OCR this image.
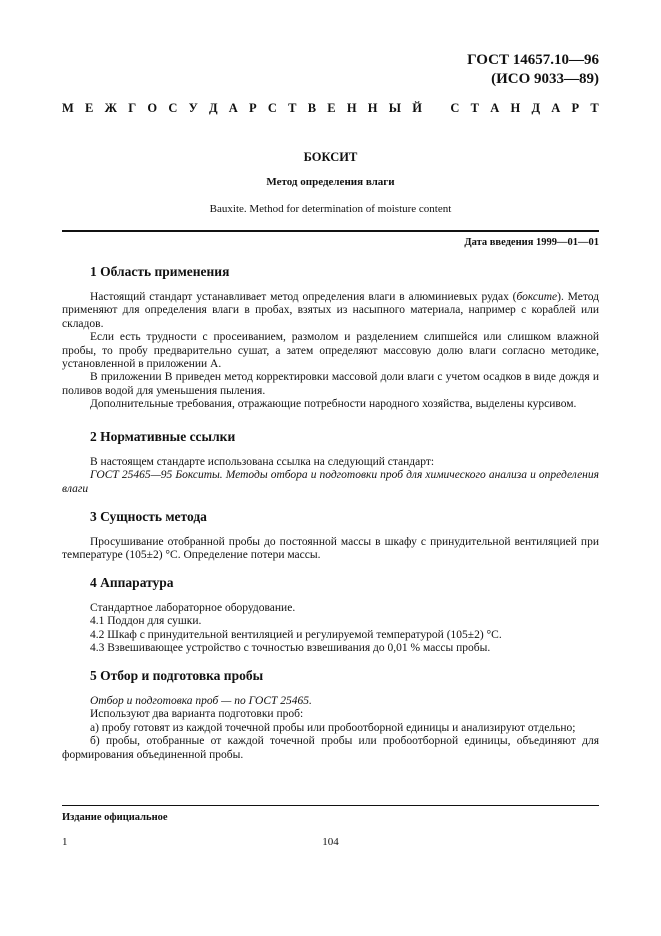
ГОСТ 14657.10—96
(ИСО 9033—89)
М Е Ж Г О С У Д А Р С Т В Е Н Н Ы Й С Т А Н Д А Р Т
БОКСИТ
Метод определения влаги
Bauxite. Method for determination of moisture content
Дата введения 1999—01—01
1 Область применения
Настоящий стандарт устанавливает метод определения влаги в алюминиевых рудах (боксите). Метод применяют для определения влаги в пробах, взятых из насыпного материала, например с кораблей или складов.
Если есть трудности с просеиванием, размолом и разделением слипшейся или слишком влажной пробы, то пробу предварительно сушат, а затем определяют массовую долю влаги согласно методике, установленной в приложении А.
В приложении В приведен метод корректировки массовой доли влаги с учетом осадков в виде дождя и поливов водой для уменьшения пыления.
Дополнительные требования, отражающие потребности народного хозяйства, выделены курсивом.
2 Нормативные ссылки
В настоящем стандарте использована ссылка на следующий стандарт:
ГОСТ 25465—95 Бокситы. Методы отбора и подготовки проб для химического анализа и определения влаги
3 Сущность метода
Просушивание отобранной пробы до постоянной массы в шкафу с принудительной вентиляцией при температуре (105±2) °С. Определение потери массы.
4 Аппаратура
Стандартное лабораторное оборудование.
4.1 Поддон для сушки.
4.2 Шкаф с принудительной вентиляцией и регулируемой температурой (105±2) °С.
4.3 Взвешивающее устройство с точностью взвешивания до 0,01 % массы пробы.
5 Отбор и подготовка пробы
Отбор и подготовка проб — по ГОСТ 25465.
Используют два варианта подготовки проб:
а) пробу готовят из каждой точечной пробы или пробоотборной единицы и анализируют отдельно;
б) пробы, отобранные от каждой точечной пробы или пробоотборной единицы, объединяют для формирования объединенной пробы.
Издание официальное
1	104
